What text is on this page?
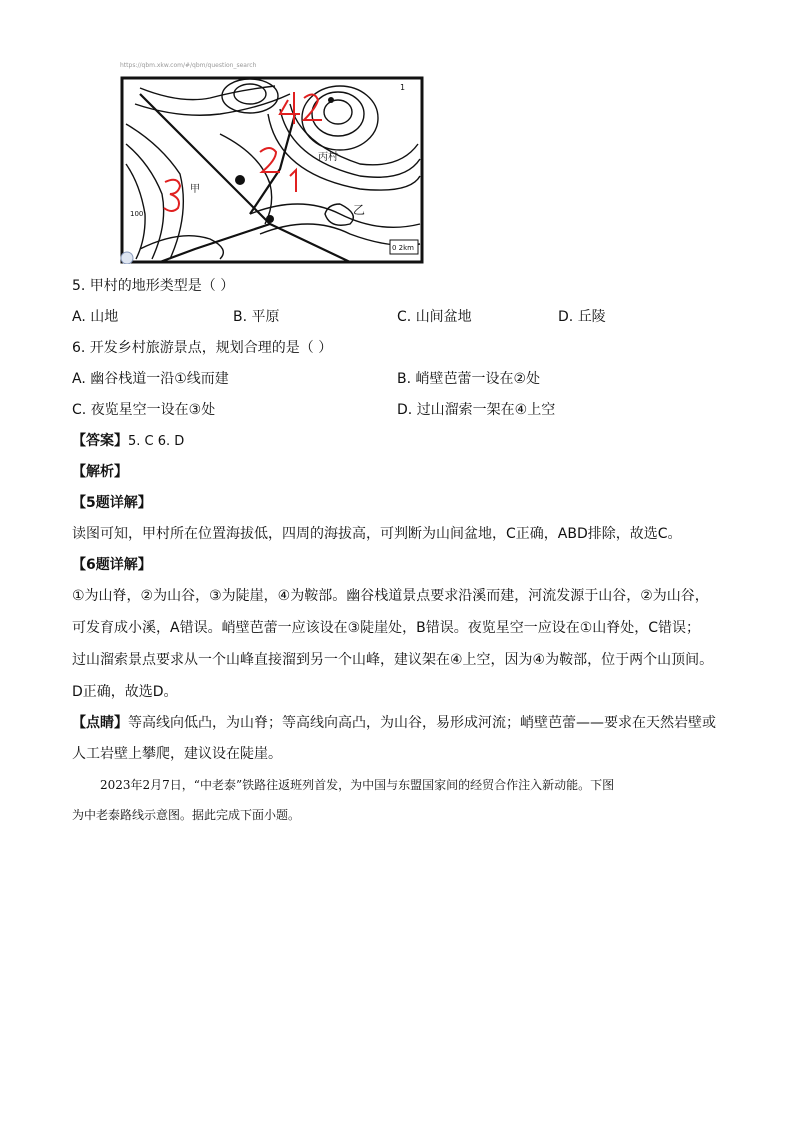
https://qbm.xkw.com/#/qbm/question_search
丙村
乙
甲
100
1
0 2km
5. 甲村的地形类型是（ ）
A. 山地	B. 平原	C. 山间盆地	D. 丘陵
6. 开发乡村旅游景点，规划合理的是（ ）
A. 幽谷栈道一沿①线而建	B. 峭壁芭蕾一设在②处
C. 夜览星空一设在③处	D. 过山溜索一架在④上空
【答案】5. C 6. D
【解析】
【5题详解】
读图可知，甲村所在位置海拔低，四周的海拔高，可判断为山间盆地，C正确，ABD排除，故选C。
【6题详解】
①为山脊，②为山谷，③为陡崖，④为鞍部。幽谷栈道景点要求沿溪而建，河流发源于山谷，②为山谷，
可发育成小溪，A错误。峭壁芭蕾一应该设在③陡崖处，B错误。夜览星空一应设在①山脊处，C错误；
过山溜索景点要求从一个山峰直接溜到另一个山峰，建议架在④上空，因为④为鞍部，位于两个山顶间。
D正确，故选D。
【点睛】等高线向低凸，为山脊；等高线向高凸，为山谷，易形成河流；峭壁芭蕾——要求在天然岩壁或
人工岩壁上攀爬，建议设在陡崖。
2023年2月7日，“中老泰”铁路往返班列首发，为中国与东盟国家间的经贸合作注入新动能。下图
为中老泰路线示意图。据此完成下面小题。
